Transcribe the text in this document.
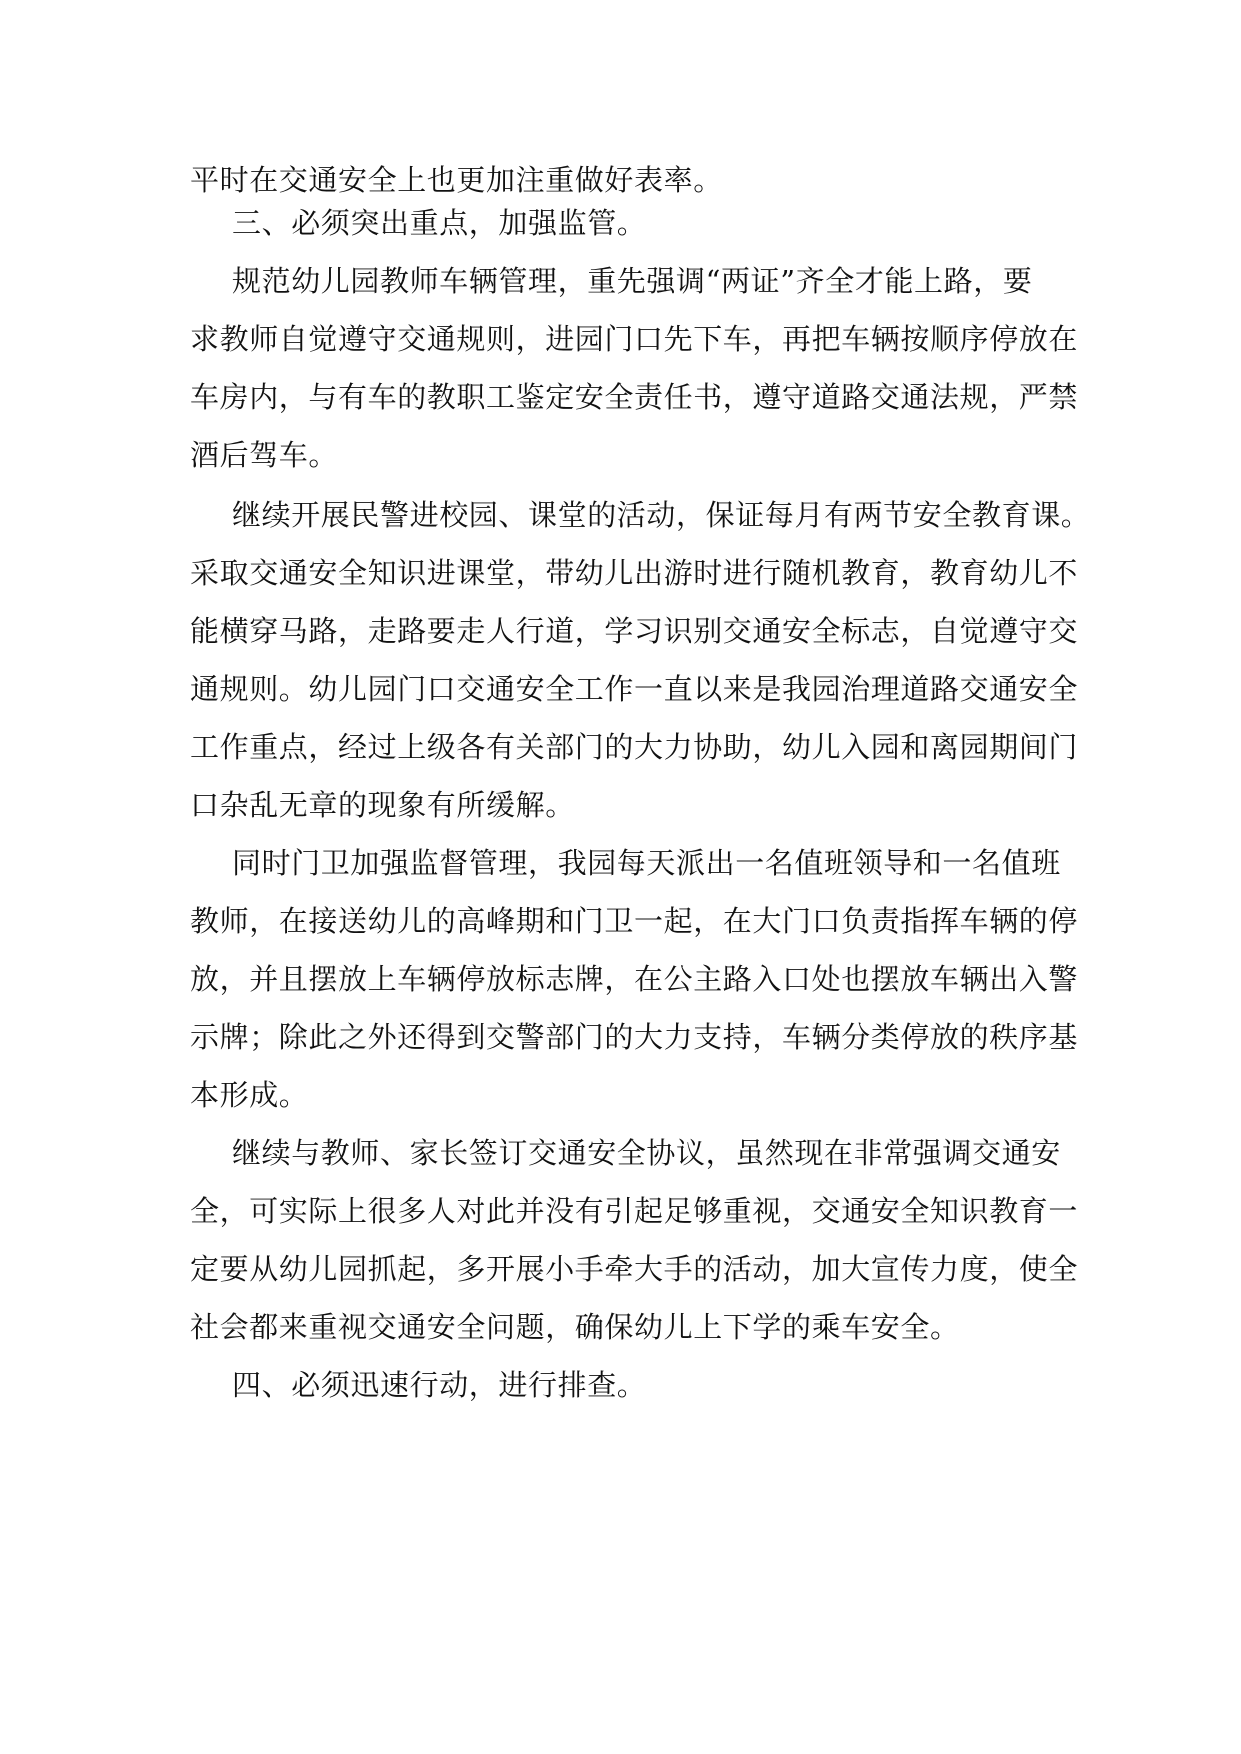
平时在交通安全上也更加注重做好表率。
三、必须突出重点，加强监管。
规范幼儿园教师车辆管理，重先强调“两证”齐全才能上路，要
求教师自觉遵守交通规则，进园门口先下车，再把车辆按顺序停放在
车房内，与有车的教职工鉴定安全责任书，遵守道路交通法规，严禁
酒后驾车。
继续开展民警进校园、课堂的活动，保证每月有两节安全教育课。
采取交通安全知识进课堂，带幼儿出游时进行随机教育，教育幼儿不
能横穿马路，走路要走人行道，学习识别交通安全标志，自觉遵守交
通规则。幼儿园门口交通安全工作一直以来是我园治理道路交通安全
工作重点，经过上级各有关部门的大力协助，幼儿入园和离园期间门
口杂乱无章的现象有所缓解。
同时门卫加强监督管理，我园每天派出一名值班领导和一名值班
教师，在接送幼儿的高峰期和门卫一起，在大门口负责指挥车辆的停
放，并且摆放上车辆停放标志牌，在公主路入口处也摆放车辆出入警
示牌；除此之外还得到交警部门的大力支持，车辆分类停放的秩序基
本形成。
继续与教师、家长签订交通安全协议，虽然现在非常强调交通安
全，可实际上很多人对此并没有引起足够重视，交通安全知识教育一
定要从幼儿园抓起，多开展小手牵大手的活动，加大宣传力度，使全
社会都来重视交通安全问题，确保幼儿上下学的乘车安全。
四、必须迅速行动，进行排查。
